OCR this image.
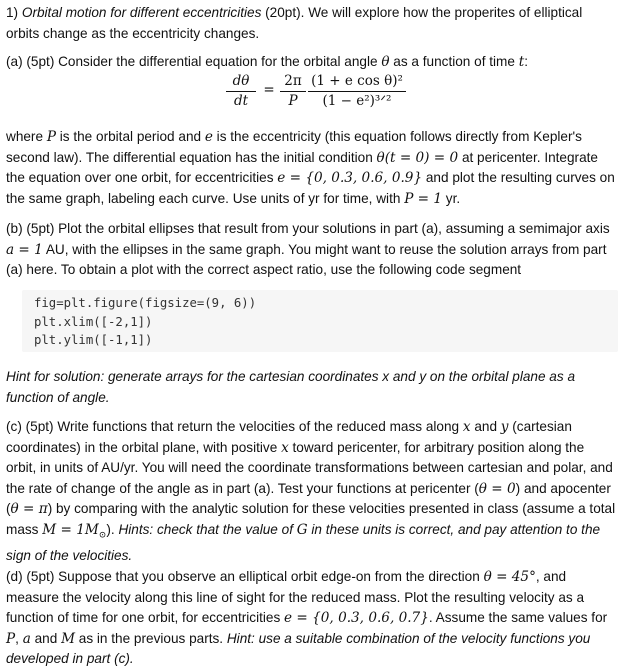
1) Orbital motion for different eccentricities (20pt). We will explore how the properites of elliptical orbits change as the eccentricity changes.

(a) (5pt) Consider the differential equation for the orbital angle θ as a function of time t:

dθ
dt
=
2π
P
(1 + e cos θ)²
(1 − e²)³ᐟ²

where P is the orbital period and e is the eccentricity (this equation follows directly from Kepler's second law). The differential equation has the initial condition θ(t = 0) = 0 at pericenter. Integrate the equation over one orbit, for eccentricities e = {0, 0.3, 0.6, 0.9} and plot the resulting curves on the same graph, labeling each curve. Use units of yr for time, with P = 1 yr.

(b) (5pt) Plot the orbital ellipses that result from your solutions in part (a), assuming a semimajor axis a = 1 AU, with the ellipses in the same graph. You might want to reuse the solution arrays from part (a) here. To obtain a plot with the correct aspect ratio, use the following code segment

fig=plt.figure(figsize=(9, 6))
plt.xlim([-2,1])
plt.ylim([-1,1])

Hint for solution: generate arrays for the cartesian coordinates x and y on the orbital plane as a function of angle.

(c) (5pt) Write functions that return the velocities of the reduced mass along x and y (cartesian coordinates) in the orbital plane, with positive x toward pericenter, for arbitrary position along the orbit, in units of AU/yr. You will need the coordinate transformations between cartesian and polar, and the rate of change of the angle as in part (a). Test your functions at pericenter (θ = 0) and apocenter (θ = π) by comparing with the analytic solution for these velocities presented in class (assume a total mass $M = 1M_⊙$). Hints: check that the value of G in these units is correct, and pay attention to the sign of the velocities.

(d) (5pt) Suppose that you observe an elliptical orbit edge-on from the direction θ = 45°, and measure the velocity along this line of sight for the reduced mass. Plot the resulting velocity as a function of time for one orbit, for eccentricities e = {0, 0.3, 0.6, 0.7}. Assume the same values for P, a and M as in the previous parts. Hint: use a suitable combination of the velocity functions you developed in part (c).
